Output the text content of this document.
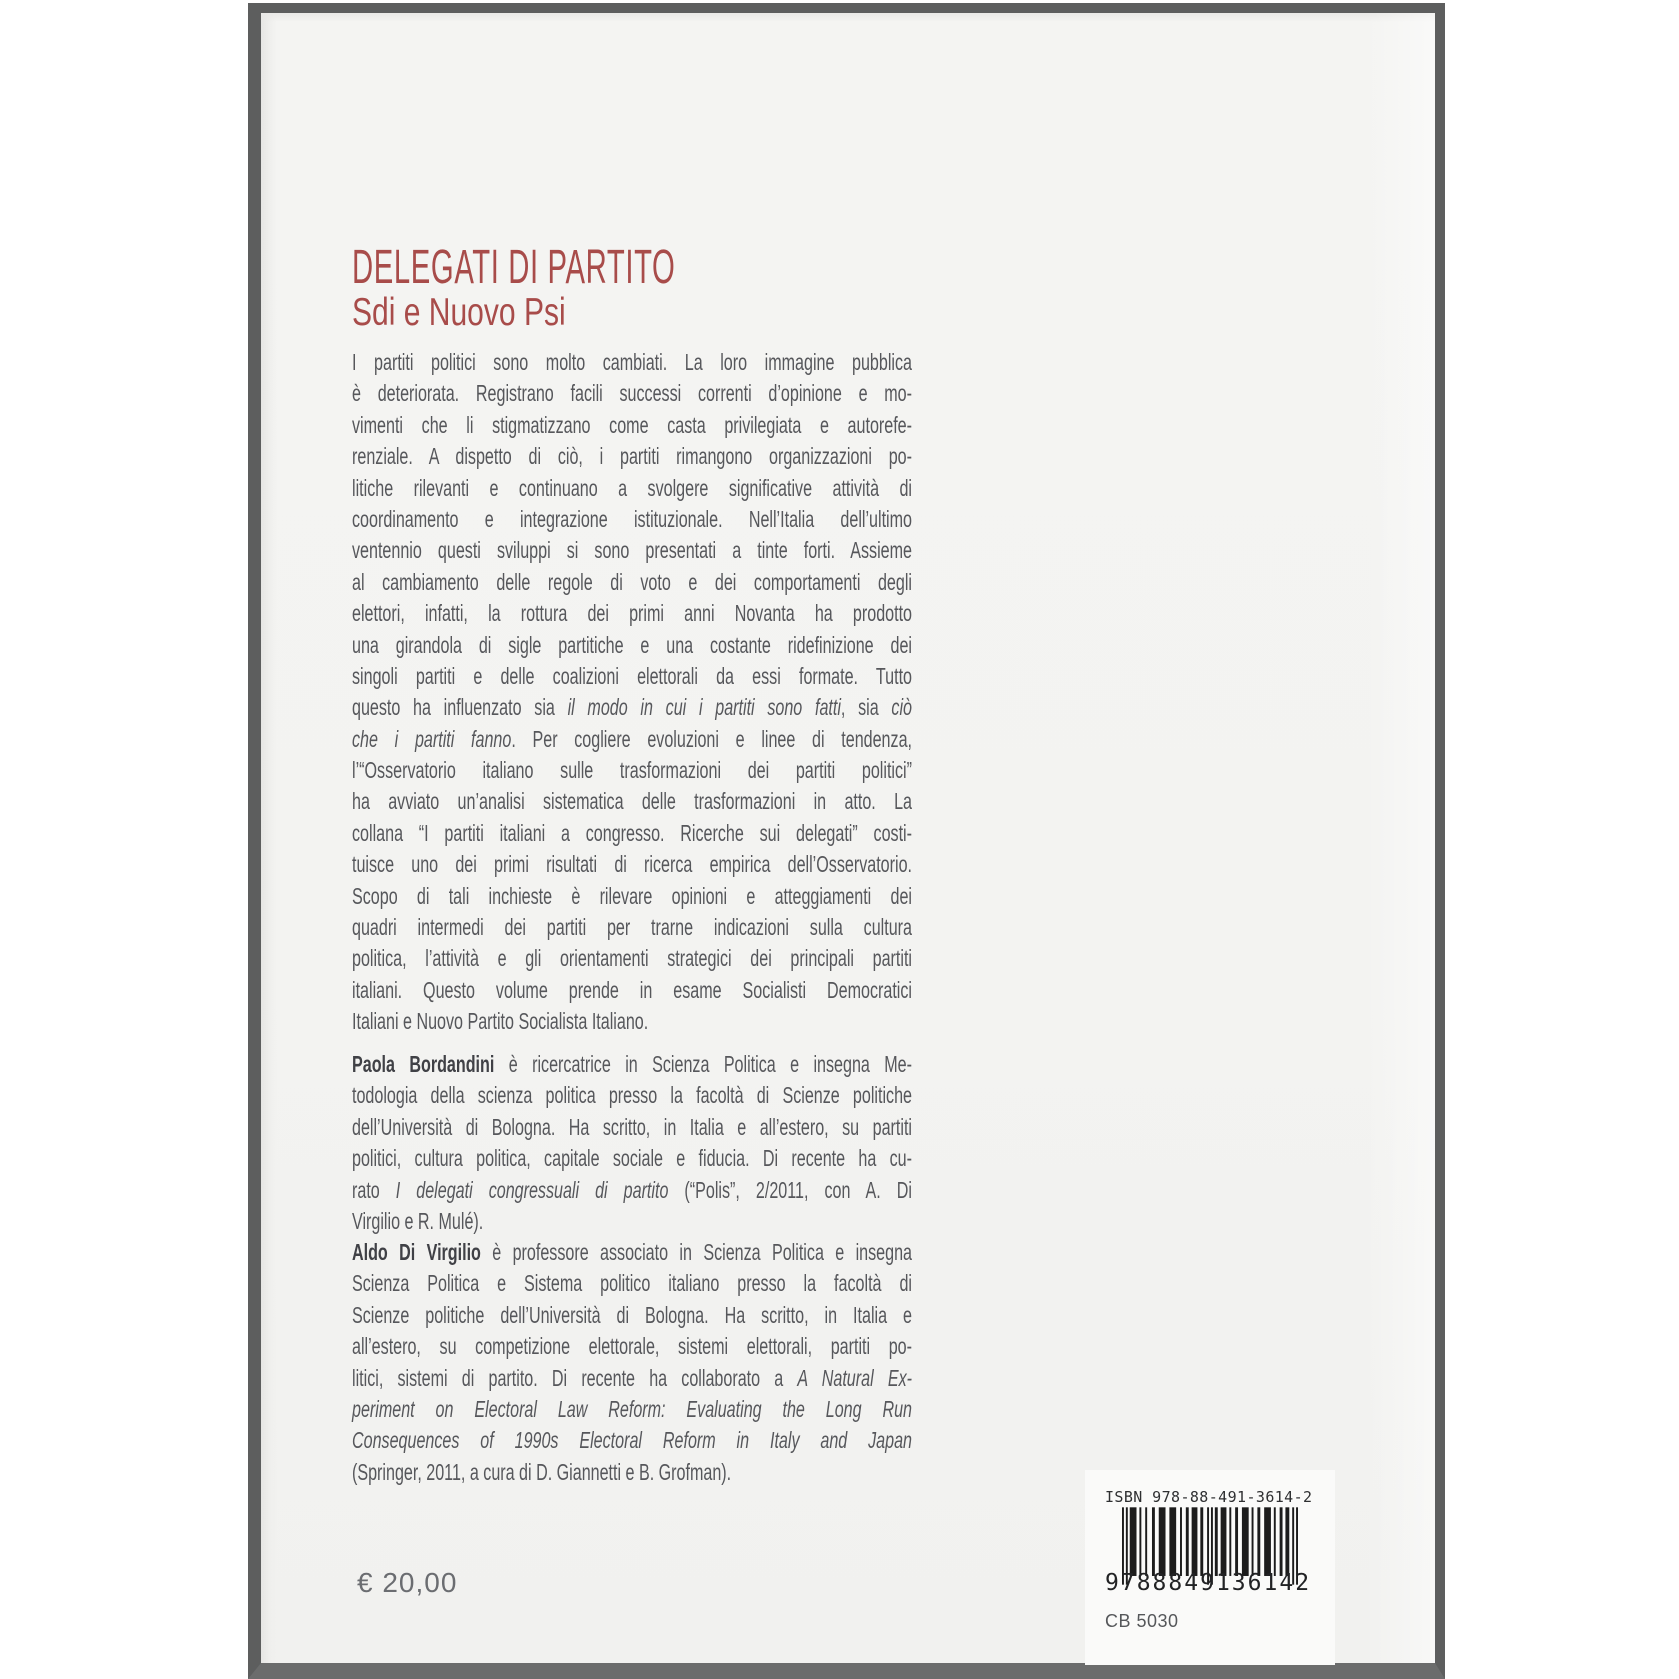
DELEGATI DI PARTITO
Sdi e Nuovo Psi
I partiti politici sono molto cambiati. La loro immagine pubblica
è deteriorata. Registrano facili successi correnti d’opinione e mo-
vimenti che li stigmatizzano come casta privilegiata e autorefe-
renziale. A dispetto di ciò, i partiti rimangono organizzazioni po-
litiche rilevanti e continuano a svolgere significative attività di
coordinamento e integrazione istituzionale. Nell’Italia dell’ultimo
ventennio questi sviluppi si sono presentati a tinte forti. Assieme
al cambiamento delle regole di voto e dei comportamenti degli
elettori, infatti, la rottura dei primi anni Novanta ha prodotto
una girandola di sigle partitiche e una costante ridefinizione dei
singoli partiti e delle coalizioni elettorali da essi formate. Tutto
questo ha influenzato sia il modo in cui i partiti sono fatti, sia ciò
che i partiti fanno. Per cogliere evoluzioni e linee di tendenza,
l’“Osservatorio italiano sulle trasformazioni dei partiti politici”
ha avviato un’analisi sistematica delle trasformazioni in atto. La
collana “I partiti italiani a congresso. Ricerche sui delegati” costi-
tuisce uno dei primi risultati di ricerca empirica dell’Osservatorio.
Scopo di tali inchieste è rilevare opinioni e atteggiamenti dei
quadri intermedi dei partiti per trarne indicazioni sulla cultura
politica, l’attività e gli orientamenti strategici dei principali partiti
italiani. Questo volume prende in esame Socialisti Democratici
Italiani e Nuovo Partito Socialista Italiano.
Paola Bordandini è ricercatrice in Scienza Politica e insegna Me-
todologia della scienza politica presso la facoltà di Scienze politiche
dell’Università di Bologna. Ha scritto, in Italia e all’estero, su partiti
politici, cultura politica, capitale sociale e fiducia. Di recente ha cu-
rato I delegati congressuali di partito (“Polis”, 2/2011, con A. Di
Virgilio e R. Mulé).
Aldo Di Virgilio è professore associato in Scienza Politica e insegna
Scienza Politica e Sistema politico italiano presso la facoltà di
Scienze politiche dell’Università di Bologna. Ha scritto, in Italia e
all’estero, su competizione elettorale, sistemi elettorali, partiti po-
litici, sistemi di partito. Di recente ha collaborato a A Natural Ex-
periment on Electoral Law Reform: Evaluating the Long Run
Consequences of 1990s Electoral Reform in Italy and Japan
(Springer, 2011, a cura di D. Giannetti e B. Grofman).
€ 20,00
ISBN 978-88-491-3614-2
9 788849 136142
CB 5030
